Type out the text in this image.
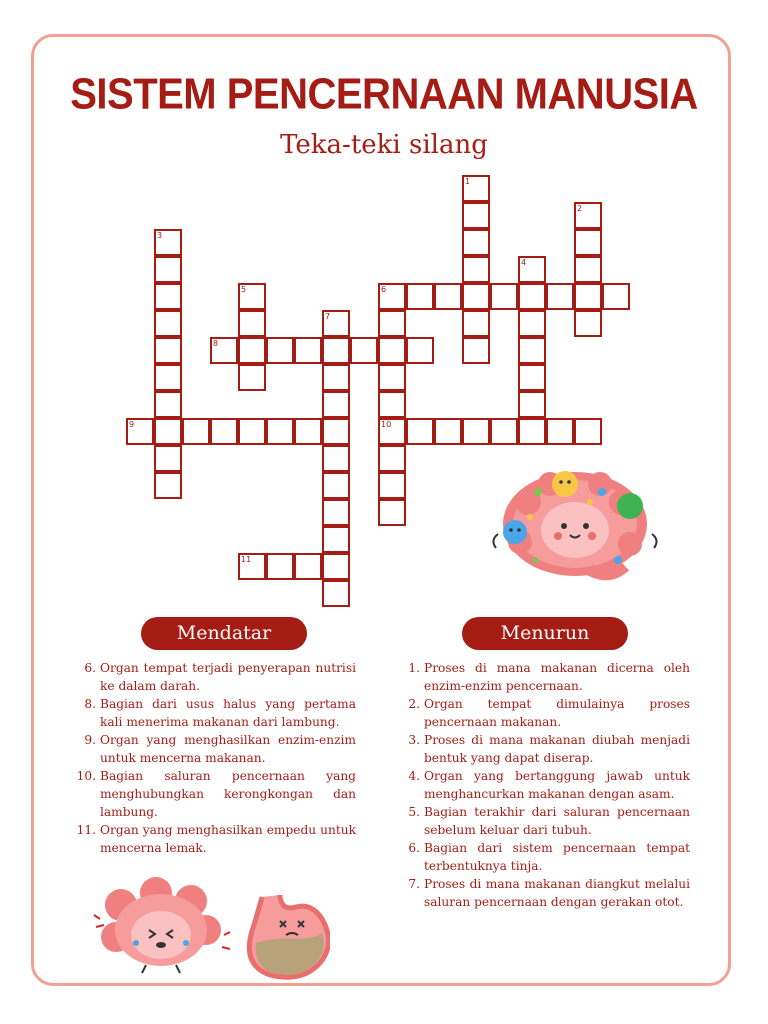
SISTEM PENCERNAAN MANUSIA
Teka-teki silang
1
2
3
4
5	6
7
8
9	10
11
Mendatar	Menurun
6. Organ tempat terjadi penyerapan nutrisi ke dalam darah.
8. Bagian dari usus halus yang pertama kali menerima makanan dari lambung.
9. Organ yang menghasilkan enzim-enzim untuk mencerna makanan.
10. Bagian saluran pencernaan yang menghubungkan kerongkongan dan lambung.
11. Organ yang menghasilkan empedu untuk mencerna lemak.
1. Proses di mana makanan dicerna oleh enzim-enzim pencernaan.
2. Organ tempat dimulainya proses pencernaan makanan.
3. Proses di mana makanan diubah menjadi bentuk yang dapat diserap.
4. Organ yang bertanggung jawab untuk menghancurkan makanan dengan asam.
5. Bagian terakhir dari saluran pencernaan sebelum keluar dari tubuh.
6. Bagian dari sistem pencernaan tempat terbentuknya tinja.
7. Proses di mana makanan diangkut melalui saluran pencernaan dengan gerakan otot.
